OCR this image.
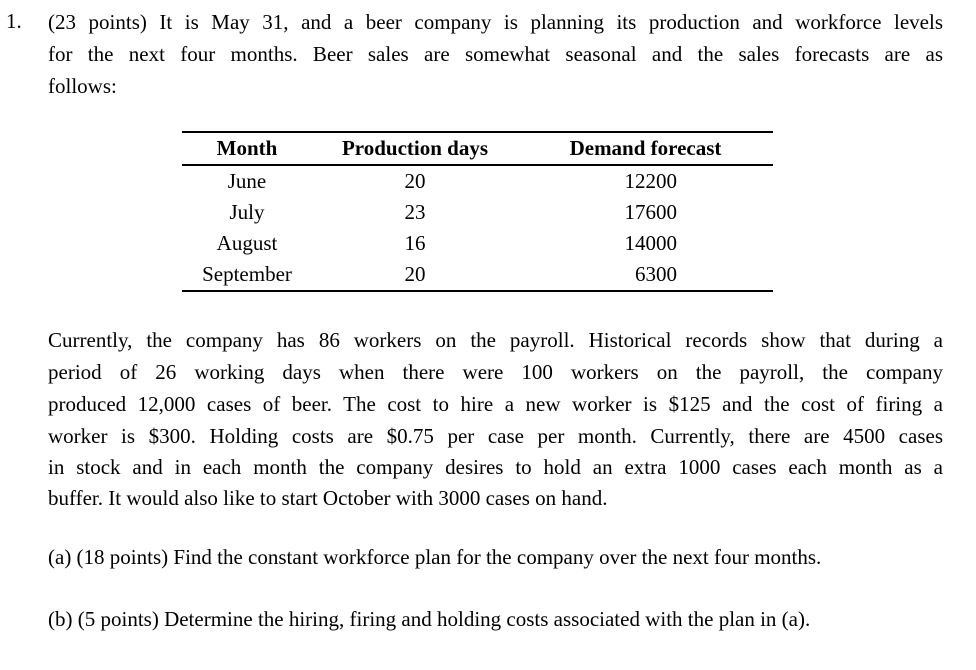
1. (23 points) It is May 31, and a beer company is planning its production and workforce levels
for the next four months. Beer sales are somewhat seasonal and the sales forecasts are as
follows:
Month	Production days	Demand forecast
June	20	12200
July	23	17600
August	16	14000
September	20	6300
Currently, the company has 86 workers on the payroll. Historical records show that during a
period of 26 working days when there were 100 workers on the payroll, the company
produced 12,000 cases of beer. The cost to hire a new worker is $125 and the cost of firing a
worker is $300. Holding costs are $0.75 per case per month. Currently, there are 4500 cases
in stock and in each month the company desires to hold an extra 1000 cases each month as a
buffer. It would also like to start October with 3000 cases on hand.
(a) (18 points) Find the constant workforce plan for the company over the next four months.
(b) (5 points) Determine the hiring, firing and holding costs associated with the plan in (a).
